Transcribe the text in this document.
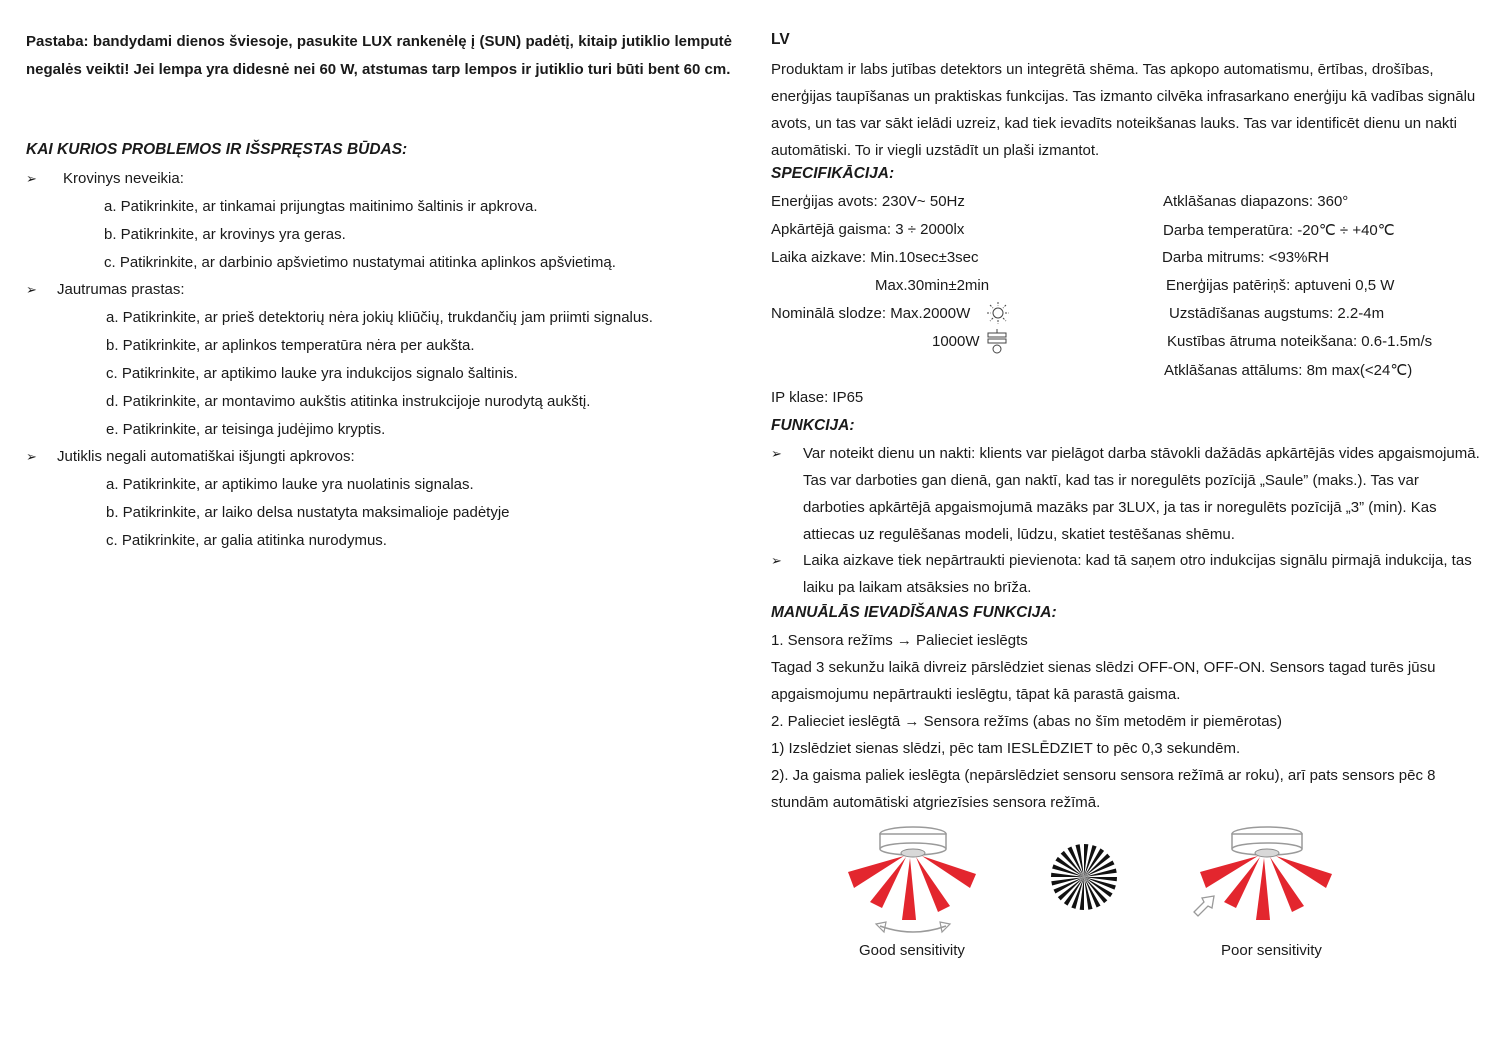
Pastaba: bandydami dienos šviesoje, pasukite LUX rankenėlę į (SUN) padėtį, kitaip jutiklio lemputė negalės veikti! Jei lempa yra didesnė nei 60 W, atstumas tarp lempos ir jutiklio turi būti bent 60 cm.
KAI KURIOS PROBLEMOS IR IŠSPRĘSTAS BŪDAS:
➢ Krovinys neveikia:
a. Patikrinkite, ar tinkamai prijungtas maitinimo šaltinis ir apkrova.
b. Patikrinkite, ar krovinys yra geras.
c. Patikrinkite, ar darbinio apšvietimo nustatymai atitinka aplinkos apšvietimą.
➢ Jautrumas prastas:
a. Patikrinkite, ar prieš detektorių nėra jokių kliūčių, trukdančių jam priimti signalus.
b. Patikrinkite, ar aplinkos temperatūra nėra per aukšta.
c. Patikrinkite, ar aptikimo lauke yra indukcijos signalo šaltinis.
d. Patikrinkite, ar montavimo aukštis atitinka instrukcijoje nurodytą aukštį.
e. Patikrinkite, ar teisinga judėjimo kryptis.
➢ Jutiklis negali automatiškai išjungti apkrovos:
a. Patikrinkite, ar aptikimo lauke yra nuolatinis signalas.
b. Patikrinkite, ar laiko delsa nustatyta maksimalioje padėtyje
c. Patikrinkite, ar galia atitinka nurodymus.
LV
Produktam ir labs jutības detektors un integrētā shēma. Tas apkopo automatismu, ērtības, drošības, enerģijas taupīšanas un praktiskas funkcijas. Tas izmanto cilvēka infrasarkano enerģiju kā vadības signālu avots, un tas var sākt ielādi uzreiz, kad tiek ievadīts noteikšanas lauks. Tas var identificēt dienu un nakti automātiski. To ir viegli uzstādīt un plaši izmantot.
SPECIFIKĀCIJA:
Enerģijas avots: 230V~ 50Hz
Apkārtējā gaisma: 3 ÷ 2000lx
Laika aizkave: Min.10sec±3sec
Max.30min±2min
Nominālā slodze: Max.2000W
1000W
Atklāšanas diapazons: 360°
Darba temperatūra: -20℃ ÷ +40℃
Darba mitrums: <93%RH
Enerģijas patēriņš: aptuveni 0,5 W
Uzstādīšanas augstums: 2.2-4m
Kustības ātruma noteikšana: 0.6-1.5m/s
Atklāšanas attālums: 8m max(<24℃)
IP klase: IP65
FUNKCIJA:
➢ Var noteikt dienu un nakti: klients var pielāgot darba stāvokli dažādās apkārtējās vides apgaismojumā. Tas var darboties gan dienā, gan naktī, kad tas ir noregulēts pozīcijā „Saule” (maks.). Tas var darboties apkārtējā apgaismojumā mazāks par 3LUX, ja tas ir noregulēts pozīcijā „3” (min). Kas attiecas uz regulēšanas modeli, lūdzu, skatiet testēšanas shēmu.
➢ Laika aizkave tiek nepārtraukti pievienota: kad tā saņem otro indukcijas signālu pirmajā indukcija, tas laiku pa laikam atsāksies no brīža.
MANUĀLĀS IEVADĪŠANAS FUNKCIJA:
1. Sensora režīms → Palieciet ieslēgts
Tagad 3 sekunžu laikā divreiz pārslēdziet sienas slēdzi OFF-ON, OFF-ON. Sensors tagad turēs jūsu apgaismojumu nepārtraukti ieslēgtu, tāpat kā parastā gaisma.
2. Palieciet ieslēgtā → Sensora režīms (abas no šīm metodēm ir piemērotas)
1) Izslēdziet sienas slēdzi, pēc tam IESLĒDZIET to pēc 0,3 sekundēm.
2). Ja gaisma paliek ieslēgta (nepārslēdziet sensoru sensora režīmā ar roku), arī pats sensors pēc 8 stundām automātiski atgriezīsies sensora režīmā.
Good sensitivity	Poor sensitivity
